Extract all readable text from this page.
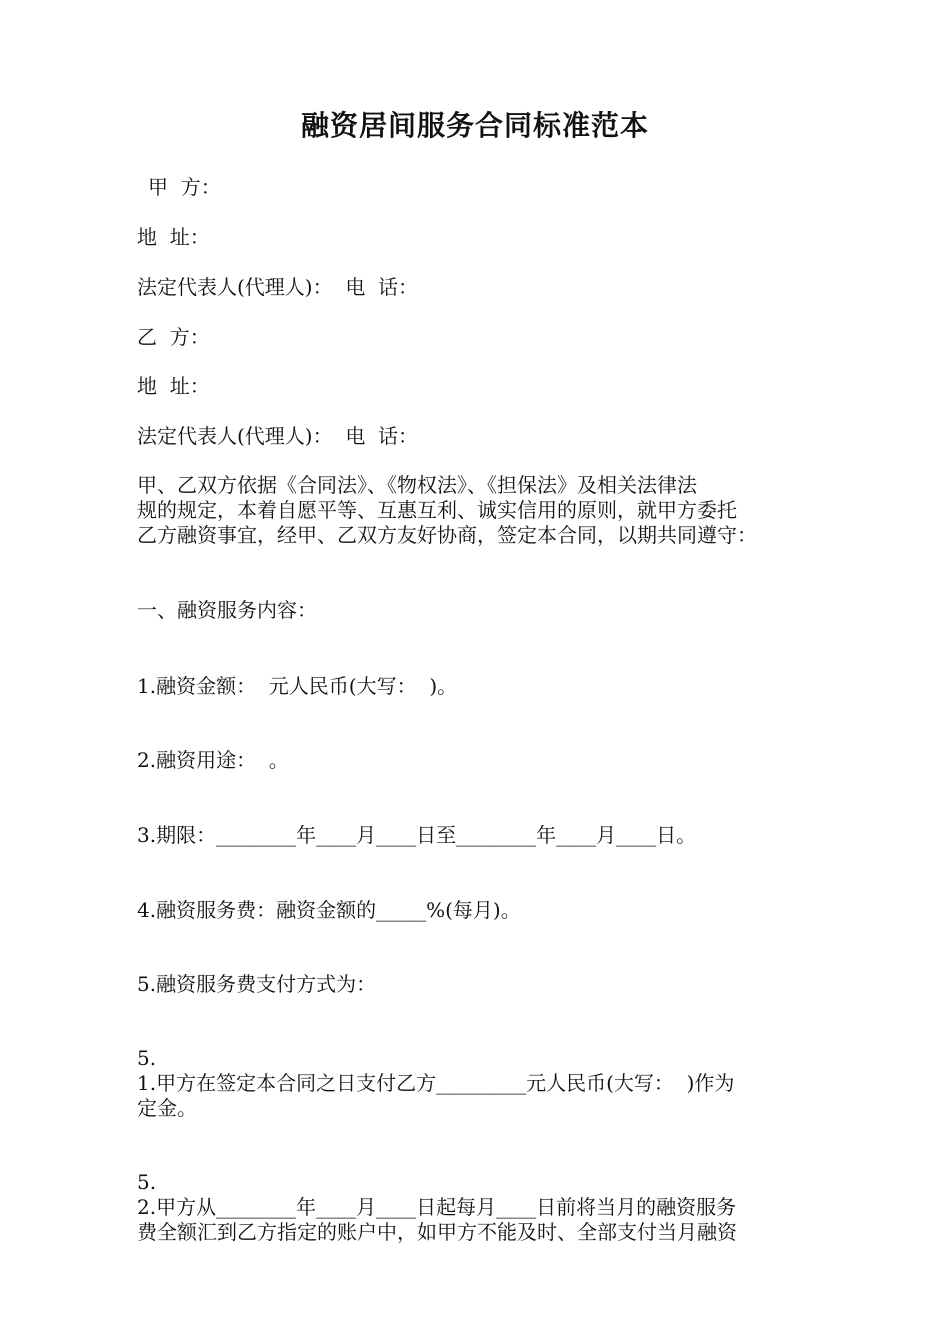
融资居间服务合同标准范本

甲  方：

地  址：

法定代表人(代理人)：  电  话：

乙  方：

地  址：

法定代表人(代理人)：  电  话：

甲、乙双方依据《合同法》、《物权法》、《担保法》及相关法律法
规的规定，本着自愿平等、互惠互利、诚实信用的原则，就甲方委托
乙方融资事宜，经甲、乙双方友好协商，签定本合同，以期共同遵守：

一、融资服务内容：

1.融资金额：  元人民币(大写：  )。

2.融资用途：  。

3.期限：________年____月____日至________年____月____日。

4.融资服务费：融资金额的_____%(每月)。

5.融资服务费支付方式为：

5.
1.甲方在签定本合同之日支付乙方_________元人民币(大写：  )作为
定金。
5.
2.甲方从________年____月____日起每月____日前将当月的融资服务
费全额汇到乙方指定的账户中，如甲方不能及时、全部支付当月融资
